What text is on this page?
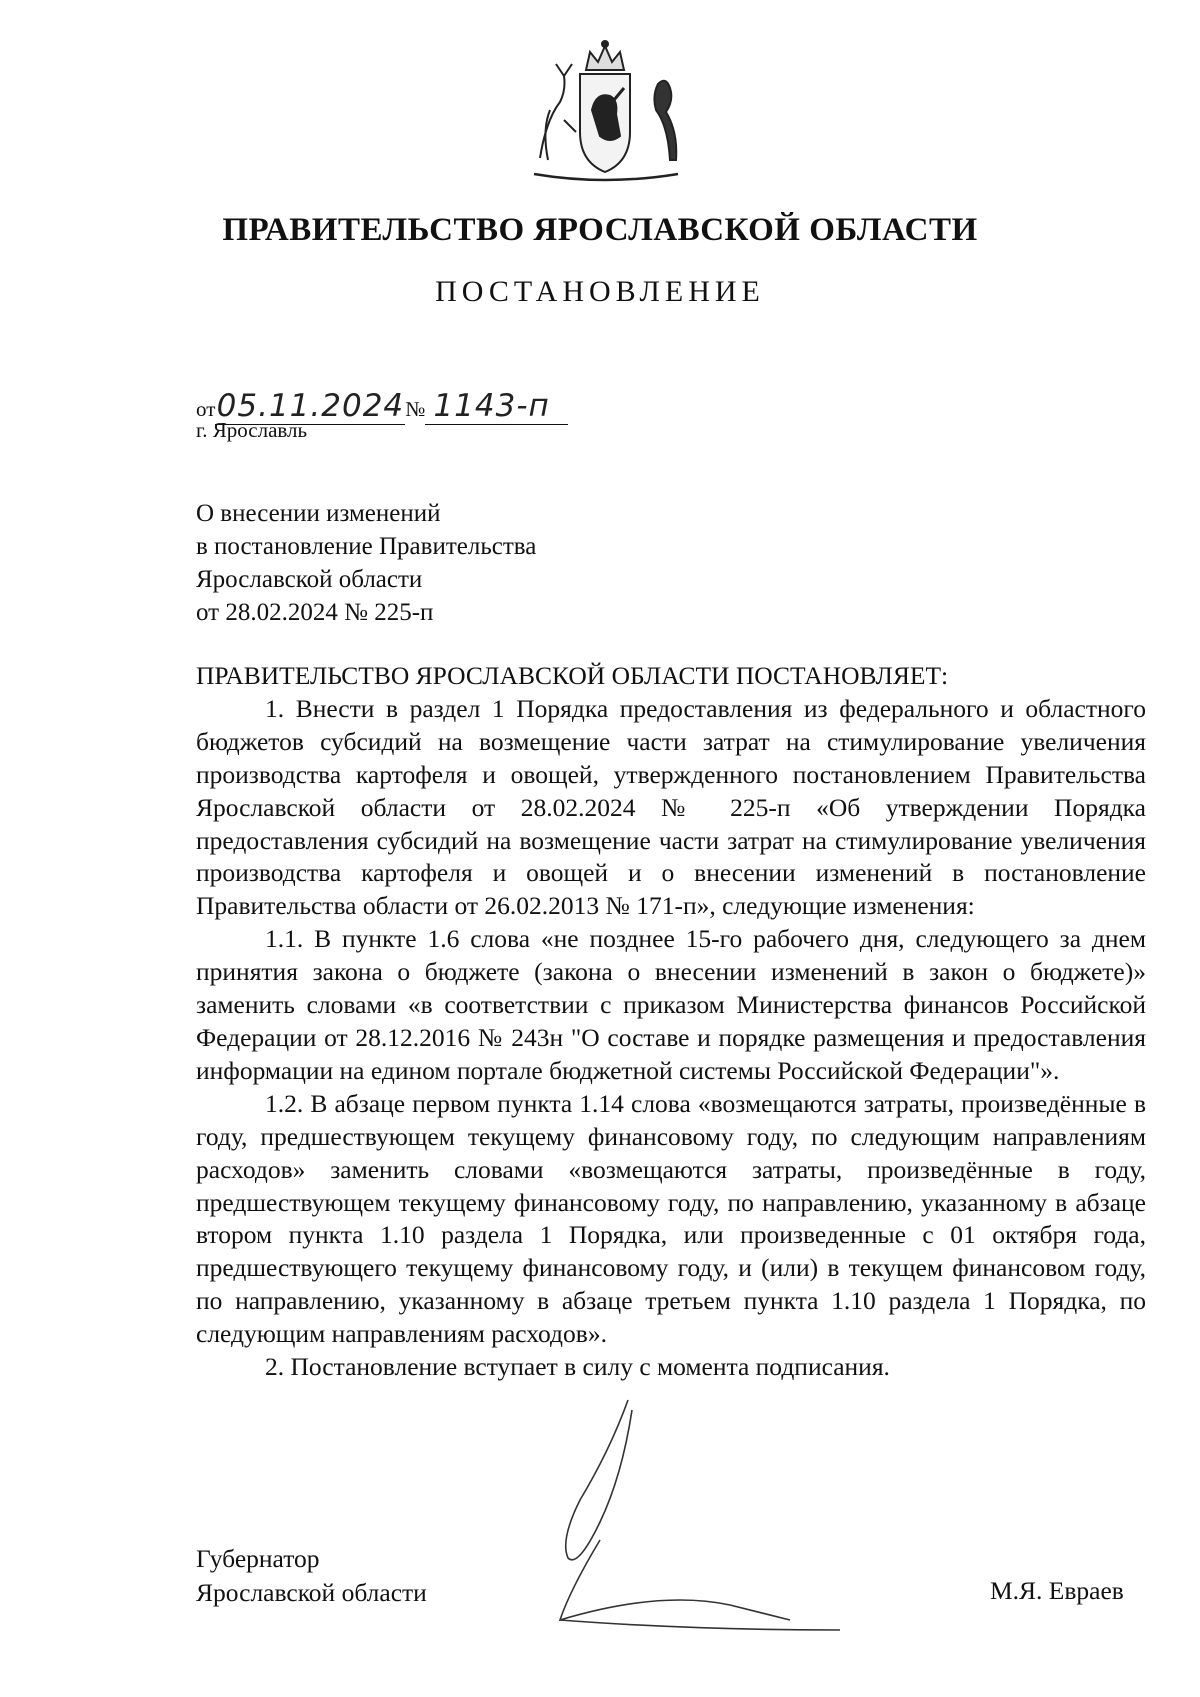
ПРАВИТЕЛЬСТВО ЯРОСЛАВСКОЙ ОБЛАСТИ
ПОСТАНОВЛЕНИЕ
от05.11.2024№ 1143-п
г. Ярославль
О внесении изменений
в постановление Правительства
Ярославской области
от 28.02.2024 № 225-п

ПРАВИТЕЛЬСТВО ЯРОСЛАВСКОЙ ОБЛАСТИ ПОСТАНОВЛЯЕТ:

1. Внести в раздел 1 Порядка предоставления из федерального и областного бюджетов субсидий на возмещение части затрат на стимулирование увеличения производства картофеля и овощей, утвержденного постановлением Правительства Ярославской области от 28.02.2024 № 225-п «Об утверждении Порядка предоставления субсидий на возмещение части затрат на стимулирование увеличения производства картофеля и овощей и о внесении изменений в постановление Правительства области от 26.02.2013 № 171-п», следующие изменения:

1.1. В пункте 1.6 слова «не позднее 15-го рабочего дня, следующего за днем принятия закона о бюджете (закона о внесении изменений в закон о бюджете)» заменить словами «в соответствии с приказом Министерства финансов Российской Федерации от 28.12.2016 № 243н "О составе и порядке размещения и предоставления информации на едином портале бюджетной системы Российской Федерации"».

1.2. В абзаце первом пункта 1.14 слова «возмещаются затраты, произведённые в году, предшествующем текущему финансовому году, по следующим направлениям расходов» заменить словами «возмещаются затраты, произведённые в году, предшествующем текущему финансовому году, по направлению, указанному в абзаце втором пункта 1.10 раздела 1 Порядка, или произведенные с 01 октября года, предшествующего текущему финансовому году, и (или) в текущем финансовом году, по направлению, указанному в абзаце третьем пункта 1.10 раздела 1 Порядка, по следующим направлениям расходов».

2. Постановление вступает в силу с момента подписания.

Губернатор
Ярославской области	М.Я. Евраев
